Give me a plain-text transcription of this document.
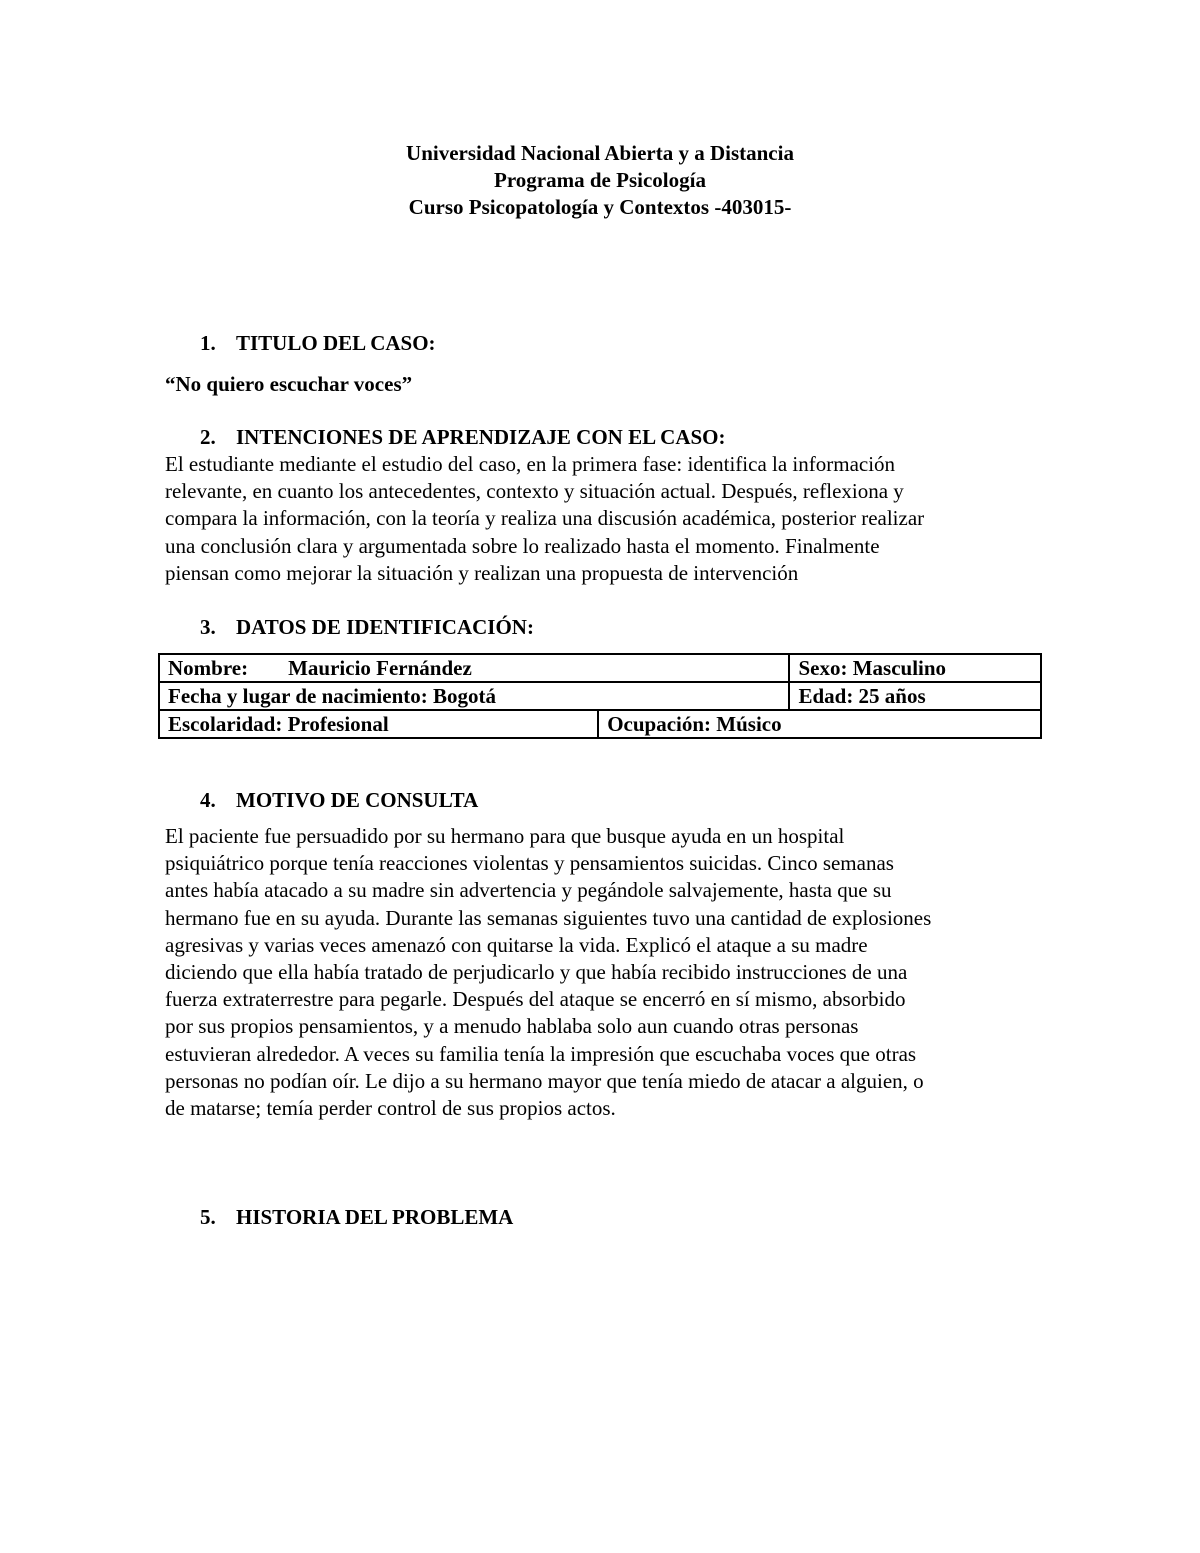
Universidad Nacional Abierta y a Distancia
Programa de Psicología
Curso Psicopatología y Contextos -403015-
1. TITULO DEL CASO:
“No quiero escuchar voces”
2. INTENCIONES DE APRENDIZAJE CON EL CASO:
El estudiante mediante el estudio del caso, en la primera fase: identifica la información
relevante, en cuanto los antecedentes, contexto y situación actual. Después, reflexiona y
compara la información, con la teoría y realiza una discusión académica, posterior realizar
una conclusión clara y argumentada sobre lo realizado hasta el momento. Finalmente
piensan como mejorar la situación y realizan una propuesta de intervención
3. DATOS DE IDENTIFICACIÓN:
Nombre: Mauricio Fernández		Sexo: Masculino
Fecha y lugar de nacimiento: Bogotá		Edad: 25 años
Escolaridad: Profesional	Ocupación: Músico	
4. MOTIVO DE CONSULTA
El paciente fue persuadido por su hermano para que busque ayuda en un hospital
psiquiátrico porque tenía reacciones violentas y pensamientos suicidas. Cinco semanas
antes había atacado a su madre sin advertencia y pegándole salvajemente, hasta que su
hermano fue en su ayuda. Durante las semanas siguientes tuvo una cantidad de explosiones
agresivas y varias veces amenazó con quitarse la vida. Explicó el ataque a su madre
diciendo que ella había tratado de perjudicarlo y que había recibido instrucciones de una
fuerza extraterrestre para pegarle. Después del ataque se encerró en sí mismo, absorbido
por sus propios pensamientos, y a menudo hablaba solo aun cuando otras personas
estuvieran alrededor. A veces su familia tenía la impresión que escuchaba voces que otras
personas no podían oír. Le dijo a su hermano mayor que tenía miedo de atacar a alguien, o
de matarse; temía perder control de sus propios actos.
5. HISTORIA DEL PROBLEMA
